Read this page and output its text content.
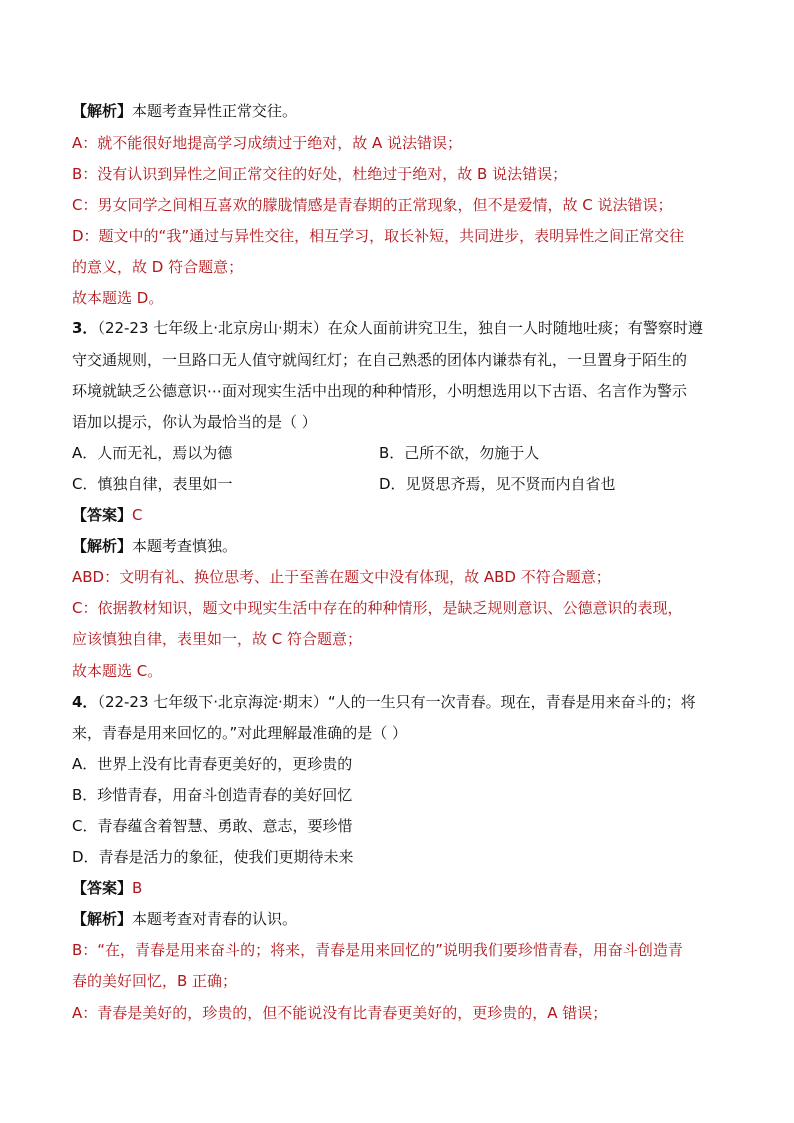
【解析】本题考查异性正常交往。
A：就不能很好地提高学习成绩过于绝对，故 A 说法错误；
B：没有认识到异性之间正常交往的好处，杜绝过于绝对，故 B 说法错误；
C：男女同学之间相互喜欢的朦胧情感是青春期的正常现象，但不是爱情，故 C 说法错误；
D：题文中的“我”通过与异性交往，相互学习，取长补短，共同进步，表明异性之间正常交往
的意义，故 D 符合题意；
故本题选 D。
3．（22-23 七年级上·北京房山·期末）在众人面前讲究卫生，独自一人时随地吐痰；有警察时遵
守交通规则，一旦路口无人值守就闯红灯；在自己熟悉的团体内谦恭有礼，一旦置身于陌生的
环境就缺乏公德意识⋯面对现实生活中出现的种种情形，小明想选用以下古语、名言作为警示
语加以提示，你认为最恰当的是（ ）
A．人而无礼，焉以为德	B．己所不欲，勿施于人
C．慎独自律，表里如一	D．见贤思齐焉，见不贤而内自省也
【答案】C
【解析】本题考查慎独。
ABD：文明有礼、换位思考、止于至善在题文中没有体现，故 ABD 不符合题意；
C：依据教材知识，题文中现实生活中存在的种种情形，是缺乏规则意识、公德意识的表现，
应该慎独自律，表里如一，故 C 符合题意；
故本题选 C。
4．（22-23 七年级下·北京海淀·期末）“人的一生只有一次青春。现在，青春是用来奋斗的；将
来，青春是用来回忆的。”对此理解最准确的是（ ）
A．世界上没有比青春更美好的，更珍贵的
B．珍惜青春，用奋斗创造青春的美好回忆
C．青春蕴含着智慧、勇敢、意志，要珍惜
D．青春是活力的象征，使我们更期待未来
【答案】B
【解析】本题考查对青春的认识。
B：“在，青春是用来奋斗的；将来，青春是用来回忆的”说明我们要珍惜青春，用奋斗创造青
春的美好回忆，B 正确；
A：青春是美好的，珍贵的，但不能说没有比青春更美好的，更珍贵的，A 错误；
